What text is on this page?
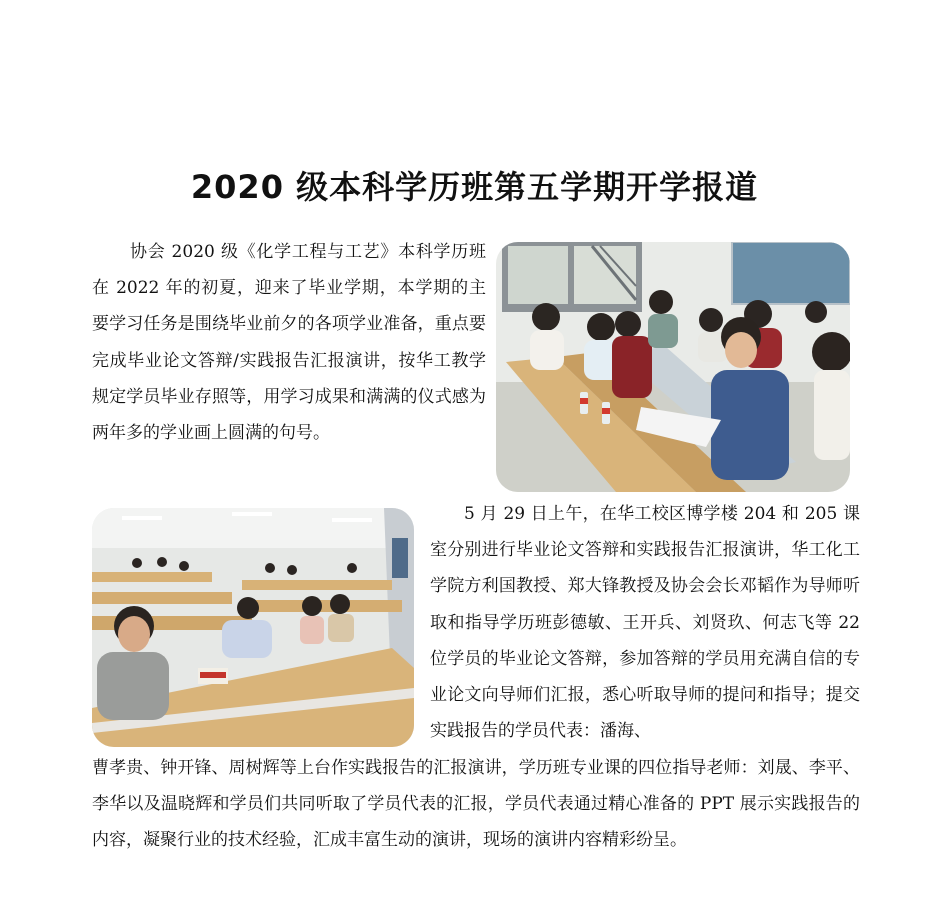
2020 级本科学历班第五学期开学报道

协会 2020 级《化学工程与工艺》本科学历班在 2022 年的初夏，迎来了毕业学期，本学期的主要学习任务是围绕毕业前夕的各项学业准备，重点要完成毕业论文答辩/实践报告汇报演讲，按华工教学规定学员毕业存照等，用学习成果和满满的仪式感为两年多的学业画上圆满的句号。

5 月 29 日上午，在华工校区博学楼 204 和 205 课室分别进行毕业论文答辩和实践报告汇报演讲，华工化工学院方利国教授、郑大锋教授及协会会长邓韬作为导师听取和指导学历班彭德敏、王开兵、刘贤玖、何志飞等 22 位学员的毕业论文答辩，参加答辩的学员用充满自信的专业论文向导师们汇报，悉心听取导师的提问和指导；提交实践报告的学员代表：潘海、

曹孝贵、钟开锋、周树辉等上台作实践报告的汇报演讲，学历班专业课的四位指导老师：刘晟、李平、李华以及温晓辉和学员们共同听取了学员代表的汇报，学员代表通过精心准备的 PPT 展示实践报告的内容，凝聚行业的技术经验，汇成丰富生动的演讲，现场的演讲内容精彩纷呈。
